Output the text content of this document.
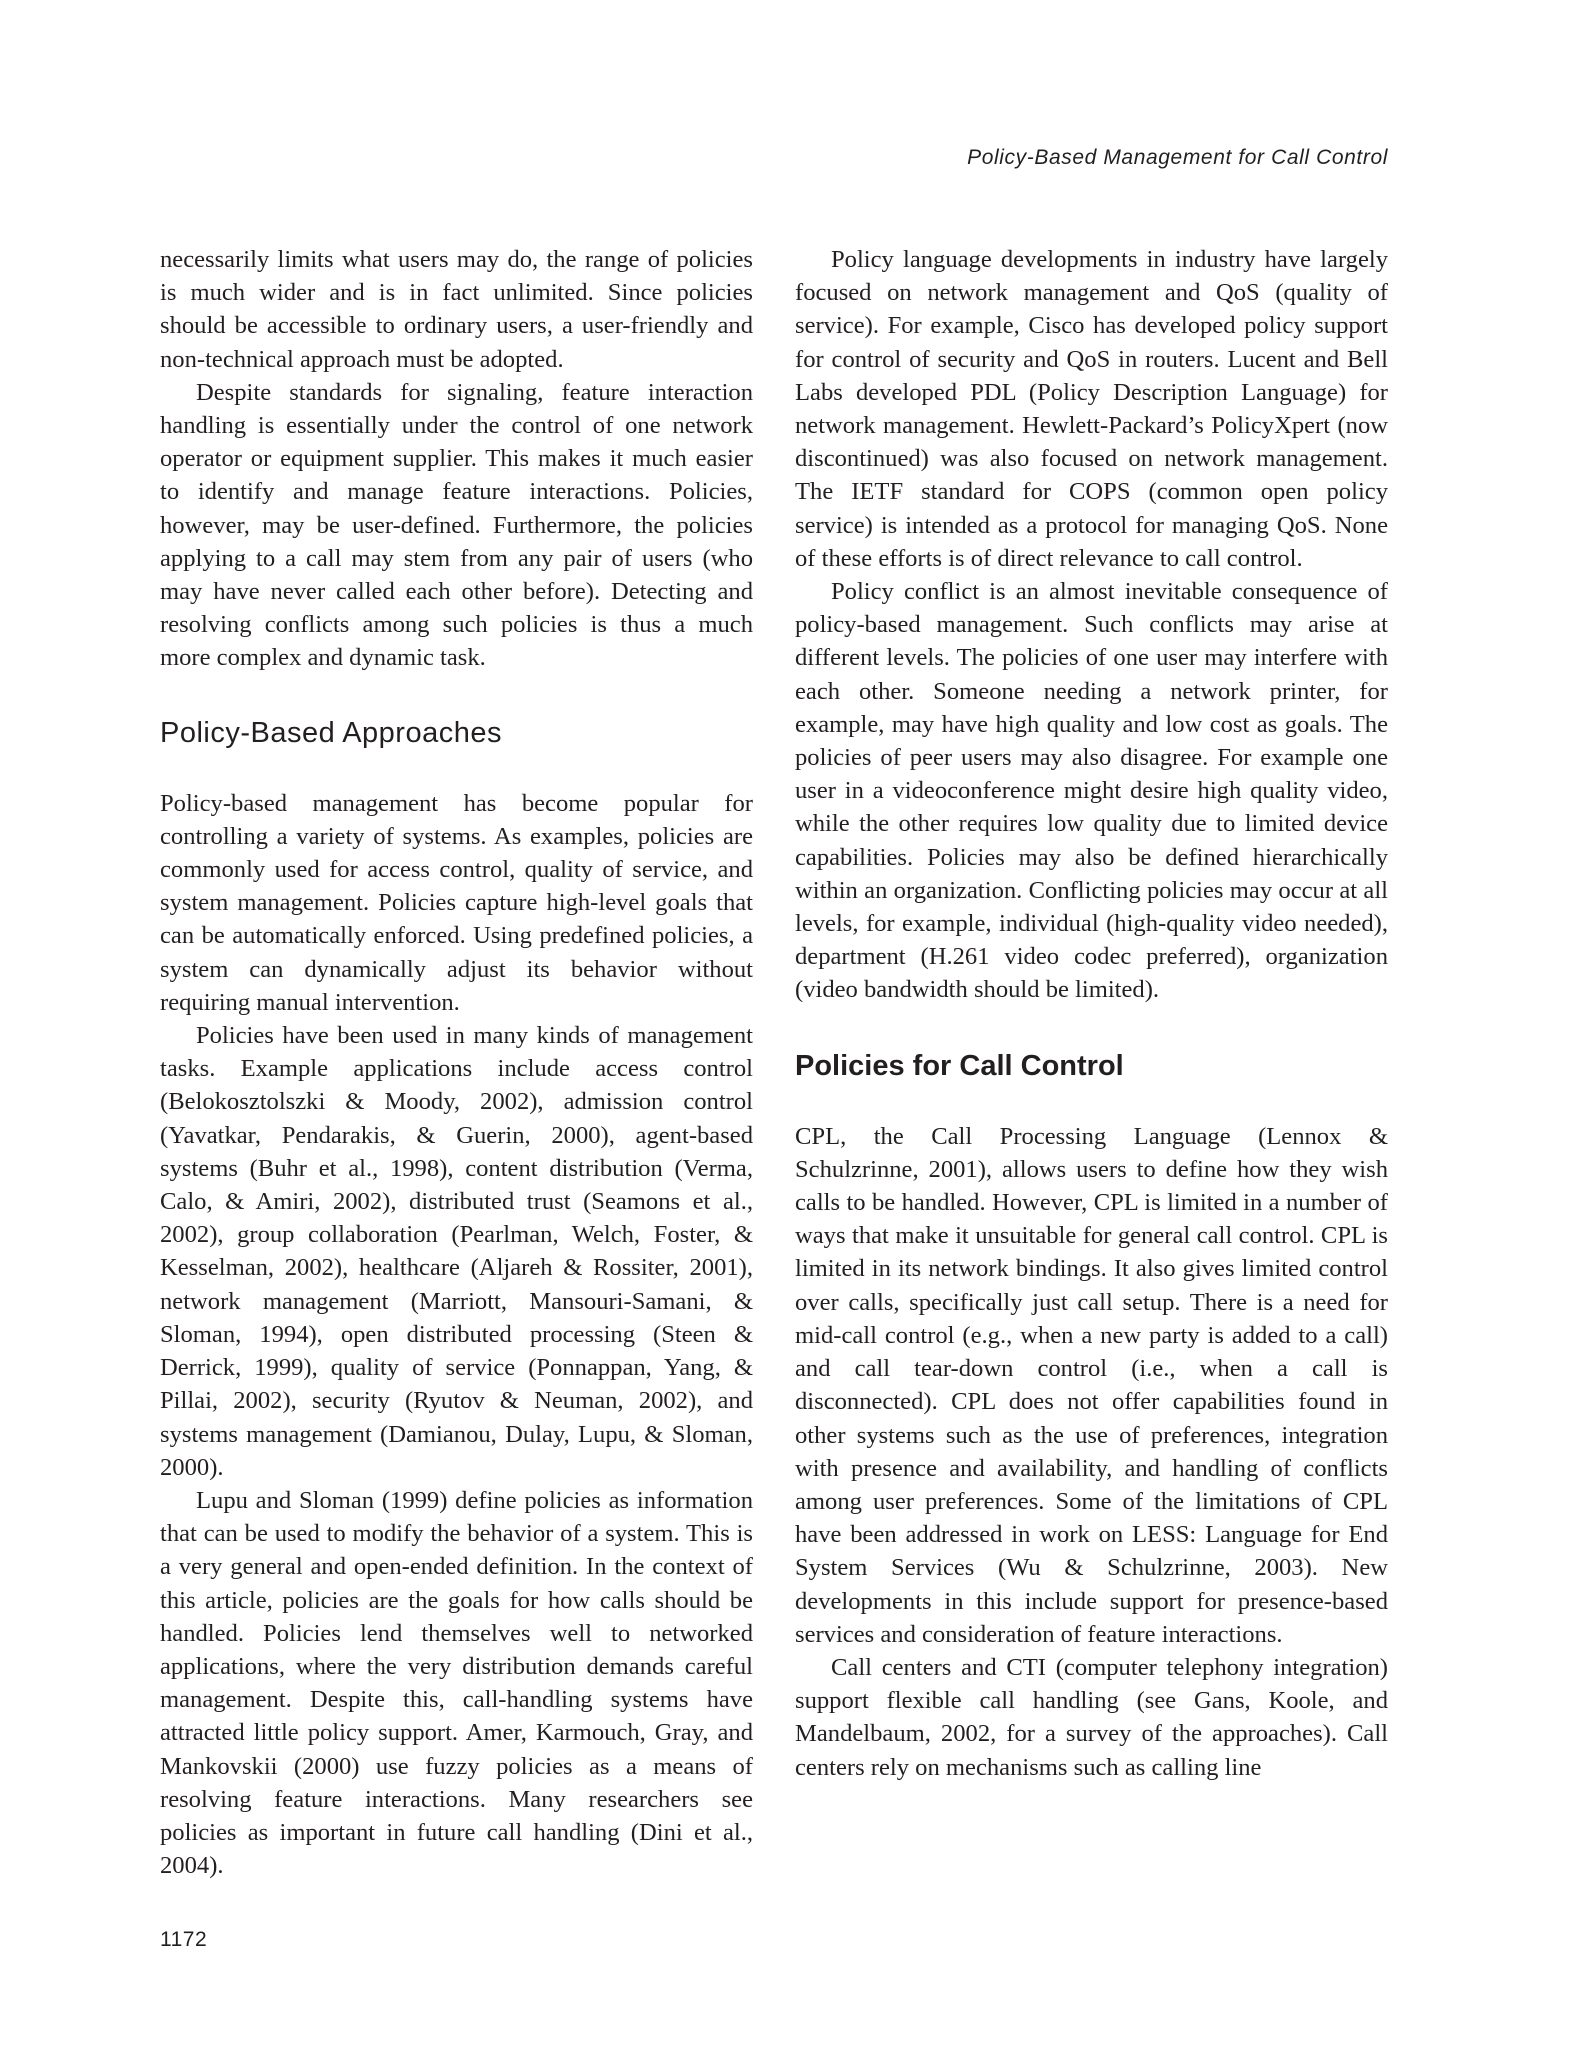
Policy-Based Management for Call Control

necessarily limits what users may do, the range of policies is much wider and is in fact unlimited. Since policies should be accessible to ordinary users, a user-friendly and non-technical approach must be adopted.

Despite standards for signaling, feature interaction handling is essentially under the control of one network operator or equipment supplier. This makes it much easier to identify and manage feature interactions. Policies, however, may be user-defined. Furthermore, the policies applying to a call may stem from any pair of users (who may have never called each other before). Detecting and resolving conflicts among such policies is thus a much more complex and dynamic task.

Policy-Based Approaches

Policy-based management has become popular for controlling a variety of systems. As examples, policies are commonly used for access control, quality of service, and system management. Policies capture high-level goals that can be automatically enforced. Using predefined policies, a system can dynamically adjust its behavior without requiring manual intervention.

Policies have been used in many kinds of management tasks. Example applications include access control (Belokosztolszki & Moody, 2002), admission control (Yavatkar, Pendarakis, & Guerin, 2000), agent-based systems (Buhr et al., 1998), content distribution (Verma, Calo, & Amiri, 2002), distributed trust (Seamons et al., 2002), group collaboration (Pearlman, Welch, Foster, & Kesselman, 2002), healthcare (Aljareh & Rossiter, 2001), network management (Marriott, Mansouri-Samani, & Sloman, 1994), open distributed processing (Steen & Derrick, 1999), quality of service (Ponnappan, Yang, & Pillai, 2002), security (Ryutov & Neuman, 2002), and systems management (Damianou, Dulay, Lupu, & Sloman, 2000).

Lupu and Sloman (1999) define policies as information that can be used to modify the behavior of a system. This is a very general and open-ended definition. In the context of this article, policies are the goals for how calls should be handled. Policies lend themselves well to networked applications, where the very distribution demands careful management. Despite this, call-handling systems have attracted little policy support. Amer, Karmouch, Gray, and Mankovskii (2000) use fuzzy policies as a means of resolving feature interactions. Many researchers see policies as important in future call handling (Dini et al., 2004).

Policy language developments in industry have largely focused on network management and QoS (quality of service). For example, Cisco has developed policy support for control of security and QoS in routers. Lucent and Bell Labs developed PDL (Policy Description Language) for network management. Hewlett-Packard’s PolicyXpert (now discontinued) was also focused on network management. The IETF standard for COPS (common open policy service) is intended as a protocol for managing QoS. None of these efforts is of direct relevance to call control.

Policy conflict is an almost inevitable consequence of policy-based management. Such conflicts may arise at different levels. The policies of one user may interfere with each other. Someone needing a network printer, for example, may have high quality and low cost as goals. The policies of peer users may also disagree. For example one user in a videoconference might desire high quality video, while the other requires low quality due to limited device capabilities. Policies may also be defined hierarchically within an organization. Conflicting policies may occur at all levels, for example, individual (high-quality video needed), department (H.261 video codec preferred), organization (video bandwidth should be limited).

Policies for Call Control

CPL, the Call Processing Language (Lennox & Schulzrinne, 2001), allows users to define how they wish calls to be handled. However, CPL is limited in a number of ways that make it unsuitable for general call control. CPL is limited in its network bindings. It also gives limited control over calls, specifically just call setup. There is a need for mid-call control (e.g., when a new party is added to a call) and call tear-down control (i.e., when a call is disconnected). CPL does not offer capabilities found in other systems such as the use of preferences, integration with presence and availability, and handling of conflicts among user preferences. Some of the limitations of CPL have been addressed in work on LESS: Language for End System Services (Wu & Schulzrinne, 2003). New developments in this include support for presence-based services and consideration of feature interactions.

Call centers and CTI (computer telephony integration) support flexible call handling (see Gans, Koole, and Mandelbaum, 2002, for a survey of the approaches). Call centers rely on mechanisms such as calling line

1172
